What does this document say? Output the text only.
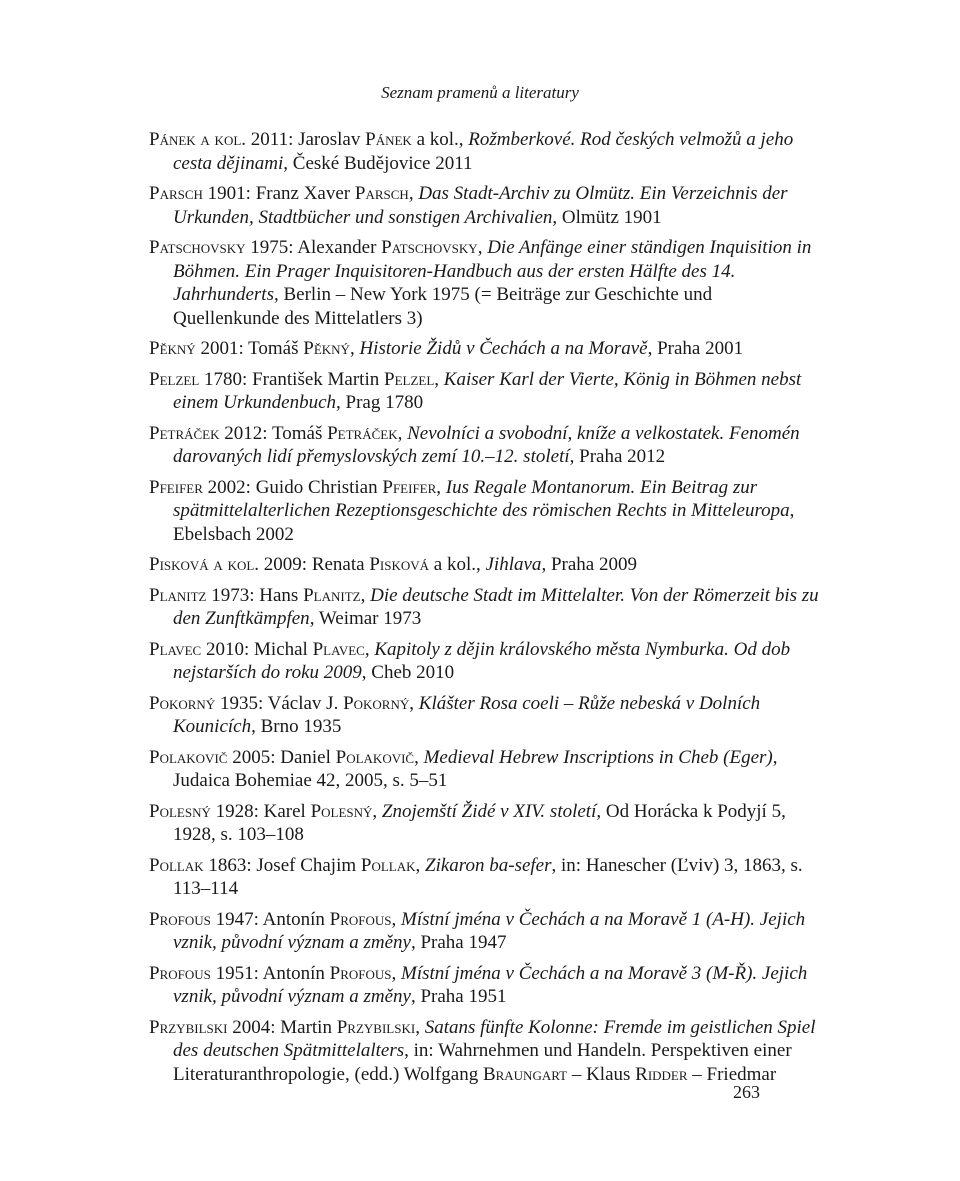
Seznam pramenů a literatury
Pánek a kol. 2011: Jaroslav Pánek a kol., Rožmberkové. Rod českých velmožů a jeho cesta dějinami, České Budějovice 2011
Parsch 1901: Franz Xaver Parsch, Das Stadt-Archiv zu Olmütz. Ein Verzeichnis der Urkunden, Stadtbücher und sonstigen Archivalien, Olmütz 1901
Patschovsky 1975: Alexander Patschovsky, Die Anfänge einer ständigen Inquisition in Böhmen. Ein Prager Inquisitoren-Handbuch aus der ersten Hälfte des 14. Jahrhunderts, Berlin – New York 1975 (= Beiträge zur Geschichte und Quellenkunde des Mittelatlers 3)
Pěkný 2001: Tomáš Pěkný, Historie Židů v Čechách a na Moravě, Praha 2001
Pelzel 1780: František Martin Pelzel, Kaiser Karl der Vierte, König in Böhmen nebst einem Urkundenbuch, Prag 1780
Petráček 2012: Tomáš Petráček, Nevolníci a svobodní, kníže a velkostatek. Fenomén darovaných lidí přemyslovských zemí 10.–12. století, Praha 2012
Pfeifer 2002: Guido Christian Pfeifer, Ius Regale Montanorum. Ein Beitrag zur spätmittelalterlichen Rezeptionsgeschichte des römischen Rechts in Mitteleuropa, Ebelsbach 2002
Pisková a kol. 2009: Renata Pisková a kol., Jihlava, Praha 2009
Planitz 1973: Hans Planitz, Die deutsche Stadt im Mittelalter. Von der Römerzeit bis zu den Zunftkämpfen, Weimar 1973
Plavec 2010: Michal Plavec, Kapitoly z dějin královského města Nymburka. Od dob nejstarších do roku 2009, Cheb 2010
Pokorný 1935: Václav J. Pokorný, Klášter Rosa coeli – Růže nebeská v Dolních Kounicích, Brno 1935
Polakovič 2005: Daniel Polakovič, Medieval Hebrew Inscriptions in Cheb (Eger), Judaica Bohemiae 42, 2005, s. 5–51
Polesný 1928: Karel Polesný, Znojemští Židé v XIV. století, Od Horácka k Podyjí 5, 1928, s. 103–108
Pollak 1863: Josef Chajim Pollak, Zikaron ba-sefer, in: Hanescher (Ľviv) 3, 1863, s. 113–114
Profous 1947: Antonín Profous, Místní jména v Čechách a na Moravě 1 (A-H). Jejich vznik, původní význam a změny, Praha 1947
Profous 1951: Antonín Profous, Místní jména v Čechách a na Moravě 3 (M-Ř). Jejich vznik, původní význam a změny, Praha 1951
Przybilski 2004: Martin Przybilski, Satans fünfte Kolonne: Fremde im geistlichen Spiel des deutschen Spätmittelalters, in: Wahrnehmen und Handeln. Perspektiven einer Literaturanthropologie, (edd.) Wolfgang Braungart – Klaus Ridder – Friedmar
263
